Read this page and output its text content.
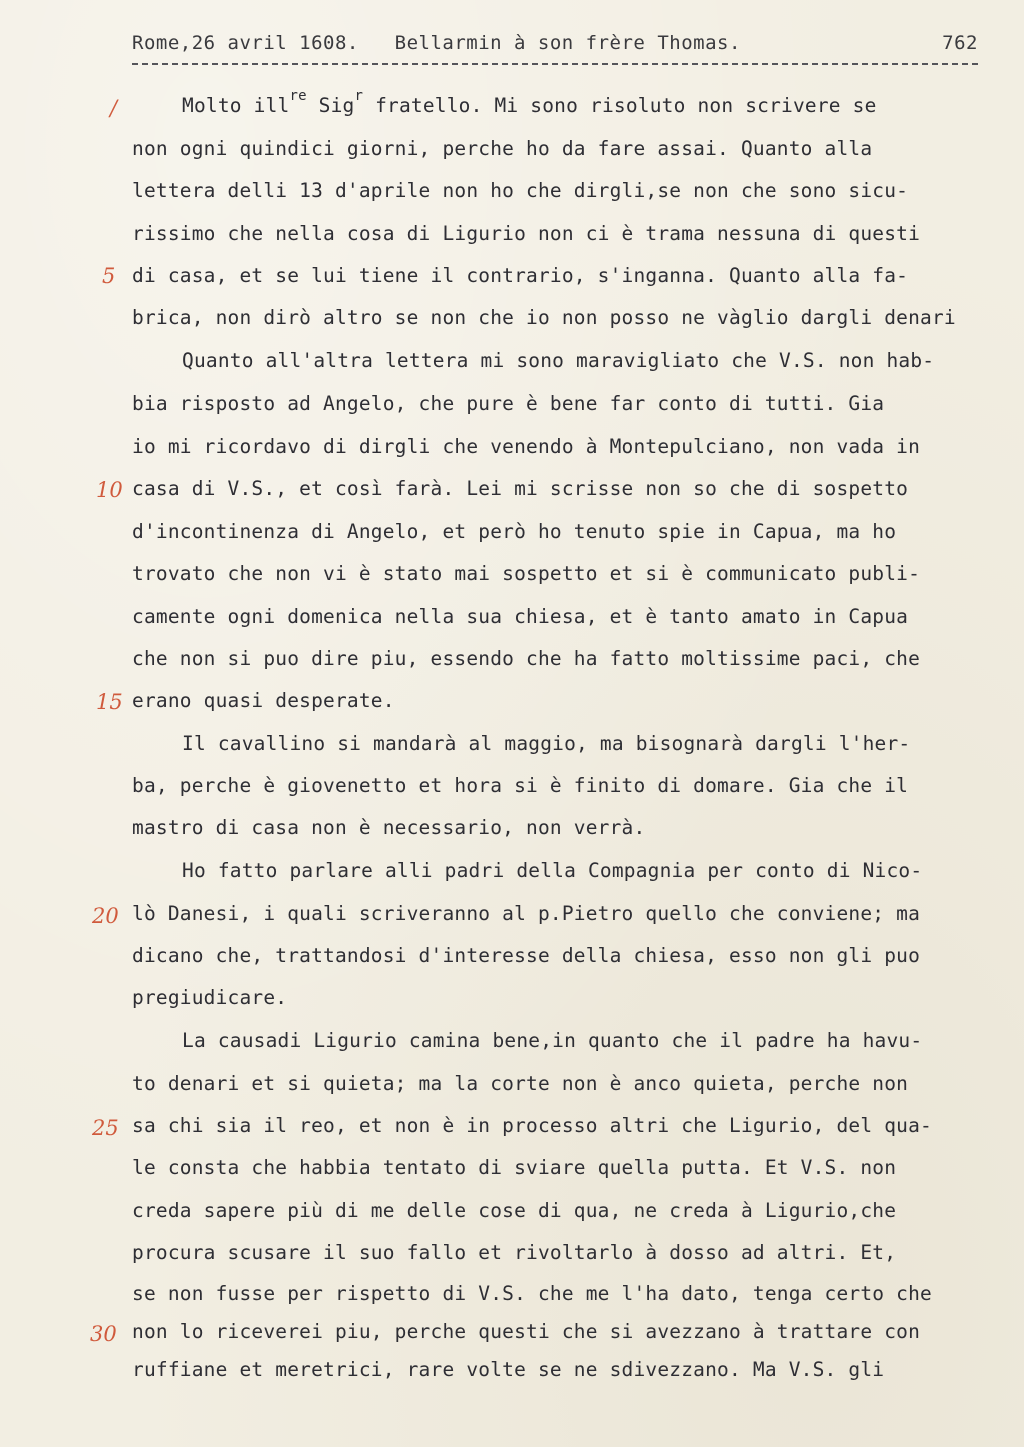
Rome,26 avril 1608.   Bellarmin à son frère Thomas.	762
/
5
10
15
20
25
30
Molto ill$^{re}$ Sig$^r$ fratello. Mi sono risoluto non scrivere se
non ogni quindici giorni, perche ho da fare assai. Quanto alla
lettera delli 13 d'aprile non ho che dirgli,se non che sono sicu-
rissimo che nella cosa di Ligurio non ci è trama nessuna di questi
di casa, et se lui tiene il contrario, s'inganna. Quanto alla fa-
brica, non dirò altro se non che io non posso ne vàglio dargli denari
Quanto all'altra lettera mi sono maravigliato che V.S. non hab-
bia risposto ad Angelo, che pure è bene far conto di tutti. Gia
io mi ricordavo di dirgli che venendo à Montepulciano, non vada in
casa di V.S., et così farà. Lei mi scrisse non so che di sospetto
d'incontinenza di Angelo, et però ho tenuto spie in Capua, ma ho
trovato che non vi è stato mai sospetto et si è communicato publi-
camente ogni domenica nella sua chiesa, et è tanto amato in Capua
che non si puo dire piu, essendo che ha fatto moltissime paci, che
erano quasi desperate.
Il cavallino si mandarà al maggio, ma bisognarà dargli l'her-
ba, perche è giovenetto et hora si è finito di domare. Gia che il
mastro di casa non è necessario, non verrà.
Ho fatto parlare alli padri della Compagnia per conto di Nico-
lò Danesi, i quali scriveranno al p.Pietro quello che conviene; ma
dicano che, trattandosi d'interesse della chiesa, esso non gli puo
pregiudicare.
La causadi Ligurio camina bene,in quanto che il padre ha havu-
to denari et si quieta; ma la corte non è anco quieta, perche non
sa chi sia il reo, et non è in processo altri che Ligurio, del qua-
le consta che habbia tentato di sviare quella putta. Et V.S. non
creda sapere più di me delle cose di qua, ne creda à Ligurio,che
procura scusare il suo fallo et rivoltarlo à dosso ad altri. Et,
se non fusse per rispetto di V.S. che me l'ha dato, tenga certo che
non lo riceverei piu, perche questi che si avezzano à trattare con
ruffiane et meretrici, rare volte se ne sdivezzano. Ma V.S. gli
